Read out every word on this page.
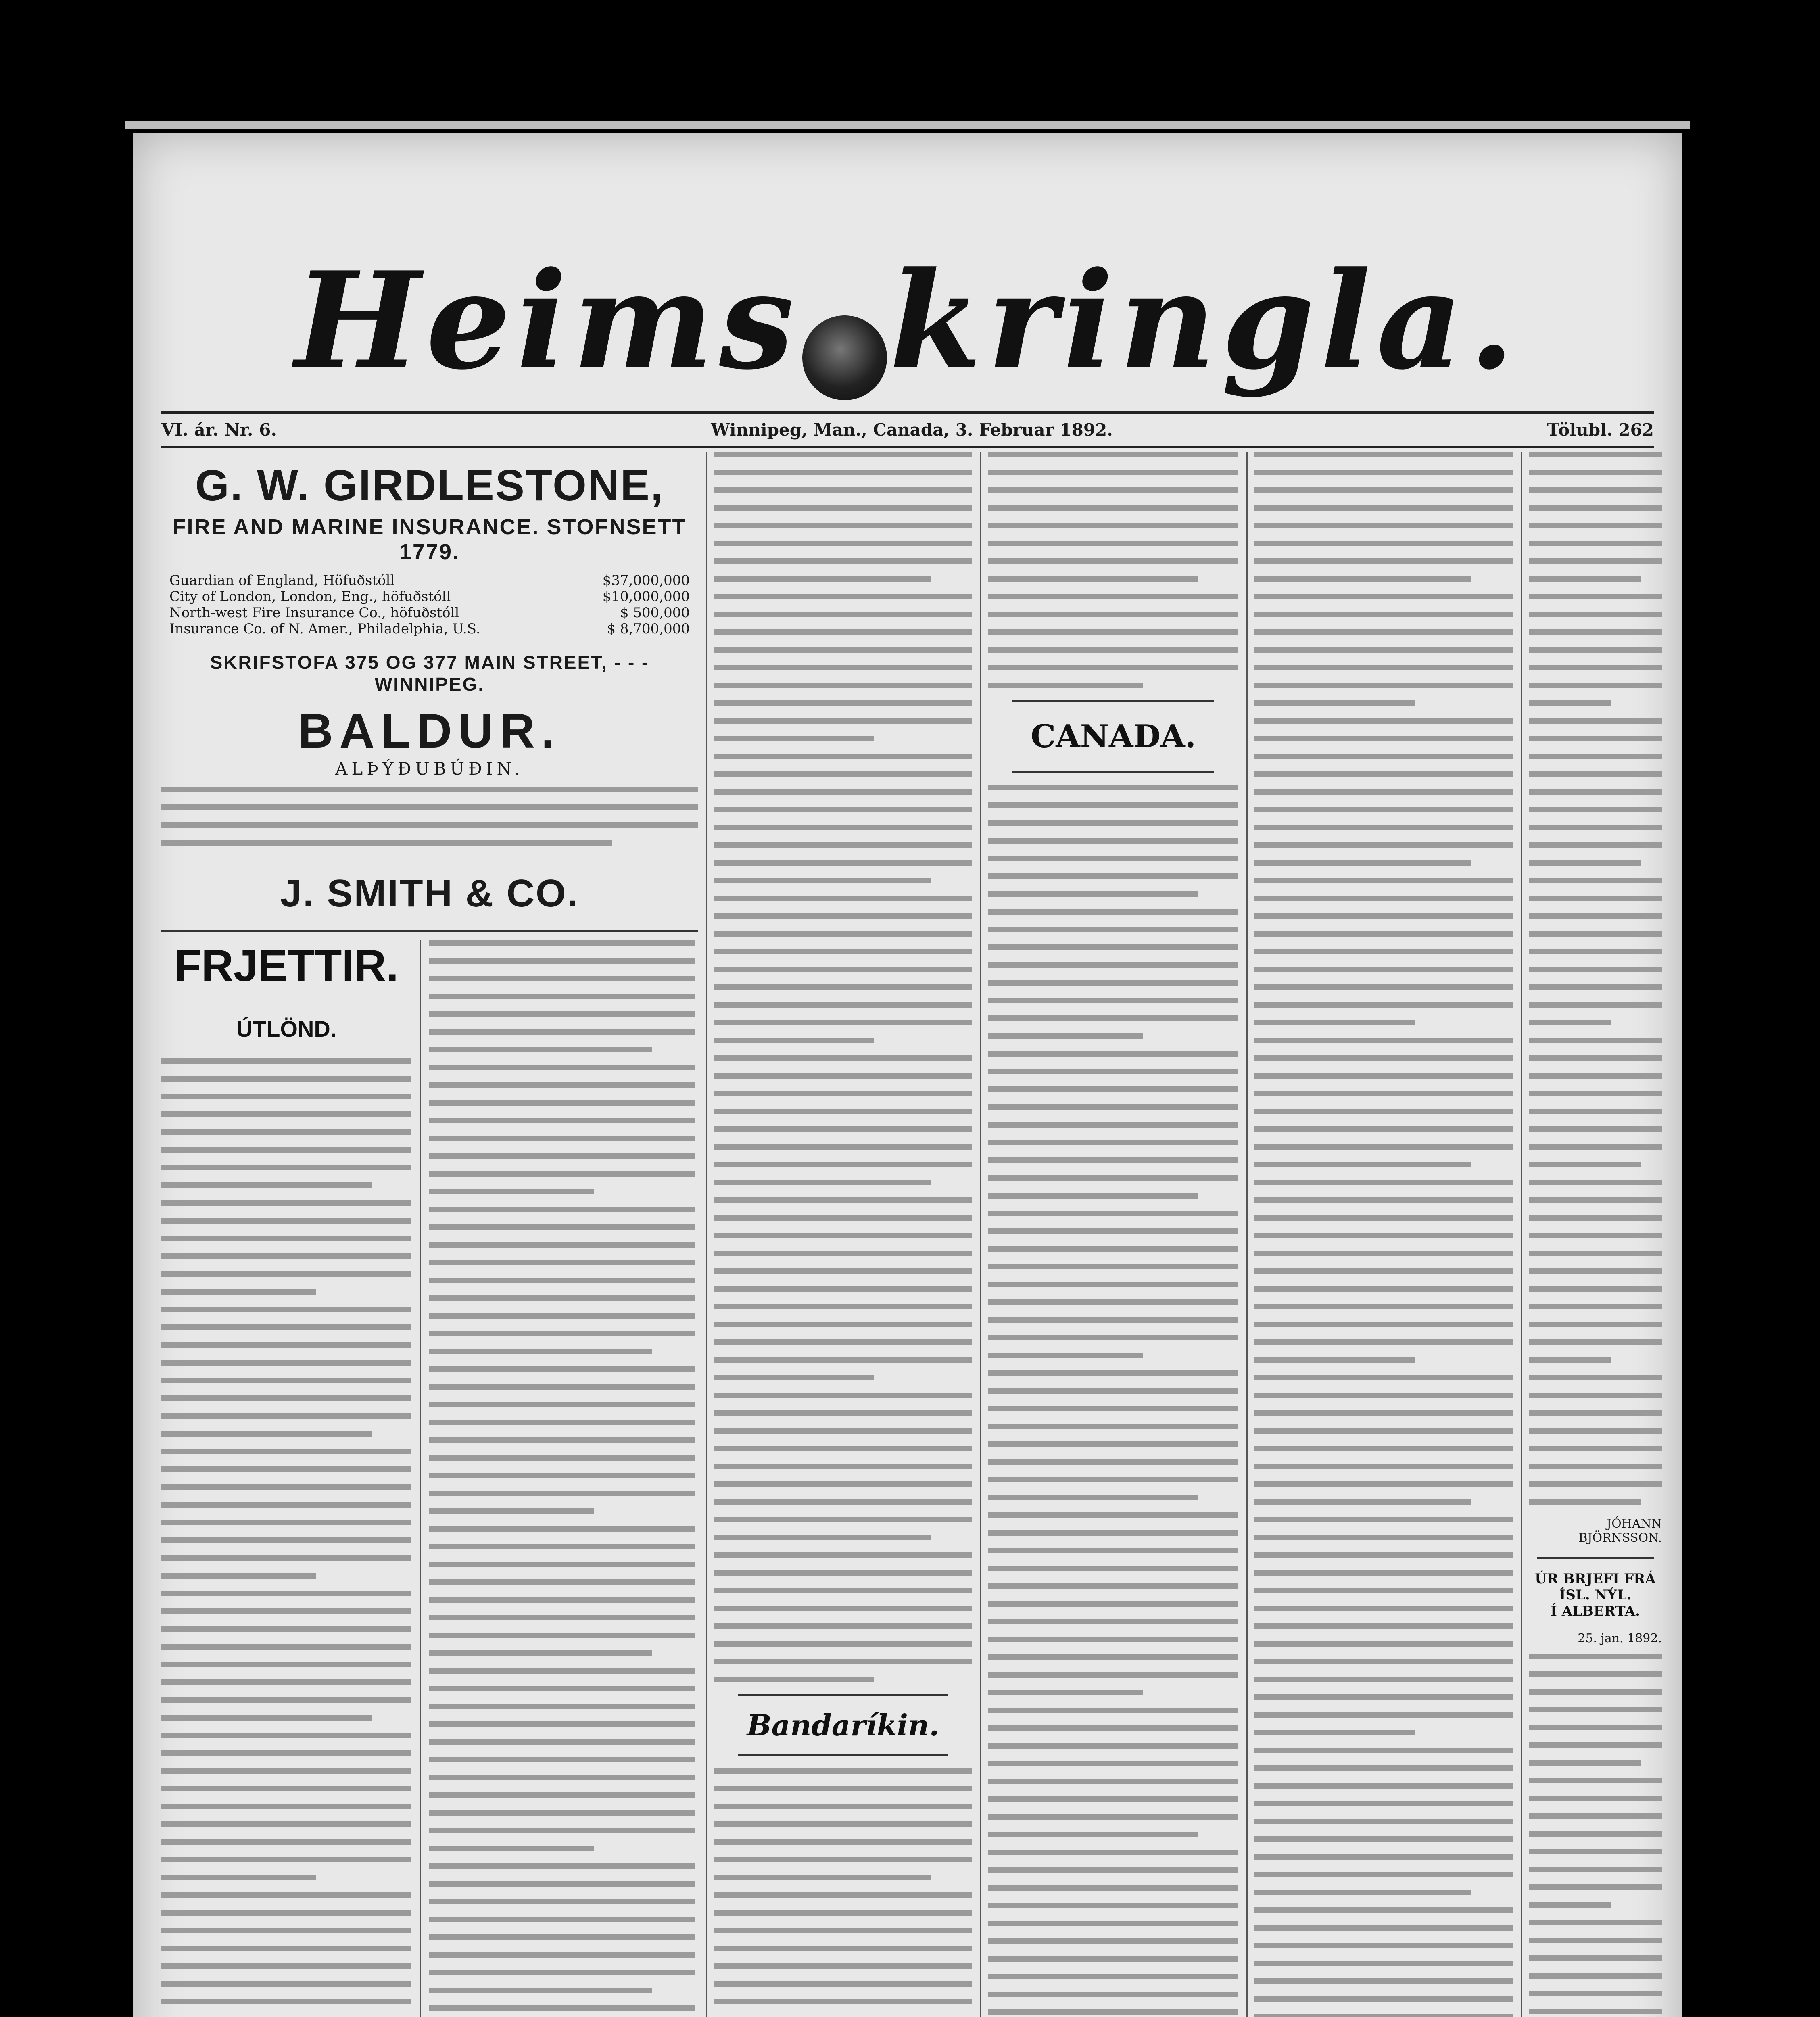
Heims kringla.
VI. ár. Nr. 6.	Winnipeg, Man., Canada, 3. Februar 1892.	Tölubl. 262
G. W. GIRDLESTONE,
FIRE AND MARINE INSURANCE. STOFNSETT 1779.
Guardian of England, Höfuðstóll	$37,000,000
City of London, London, Eng., höfuðstóll	$10,000,000
North-west Fire Insurance Co., höfuðstóll	$ 500,000
Insurance Co. of N. Amer., Philadelphia, U.S.	$ 8,700,000
SKRIFSTOFA 375 OG 377 MAIN STREET, - - - WINNIPEG.
BALDUR.
ALÞÝÐUBÚÐIN.
J. SMITH & CO.
FRJETTIR.
ÚTLÖND.
Bandaríkin.
CANADA.
JÓHANN BJÖRNSSON.
ÚR BRJEFI FRÁ ÍSL. NÝL.
Í ALBERTA.
25. jan. 1892.
